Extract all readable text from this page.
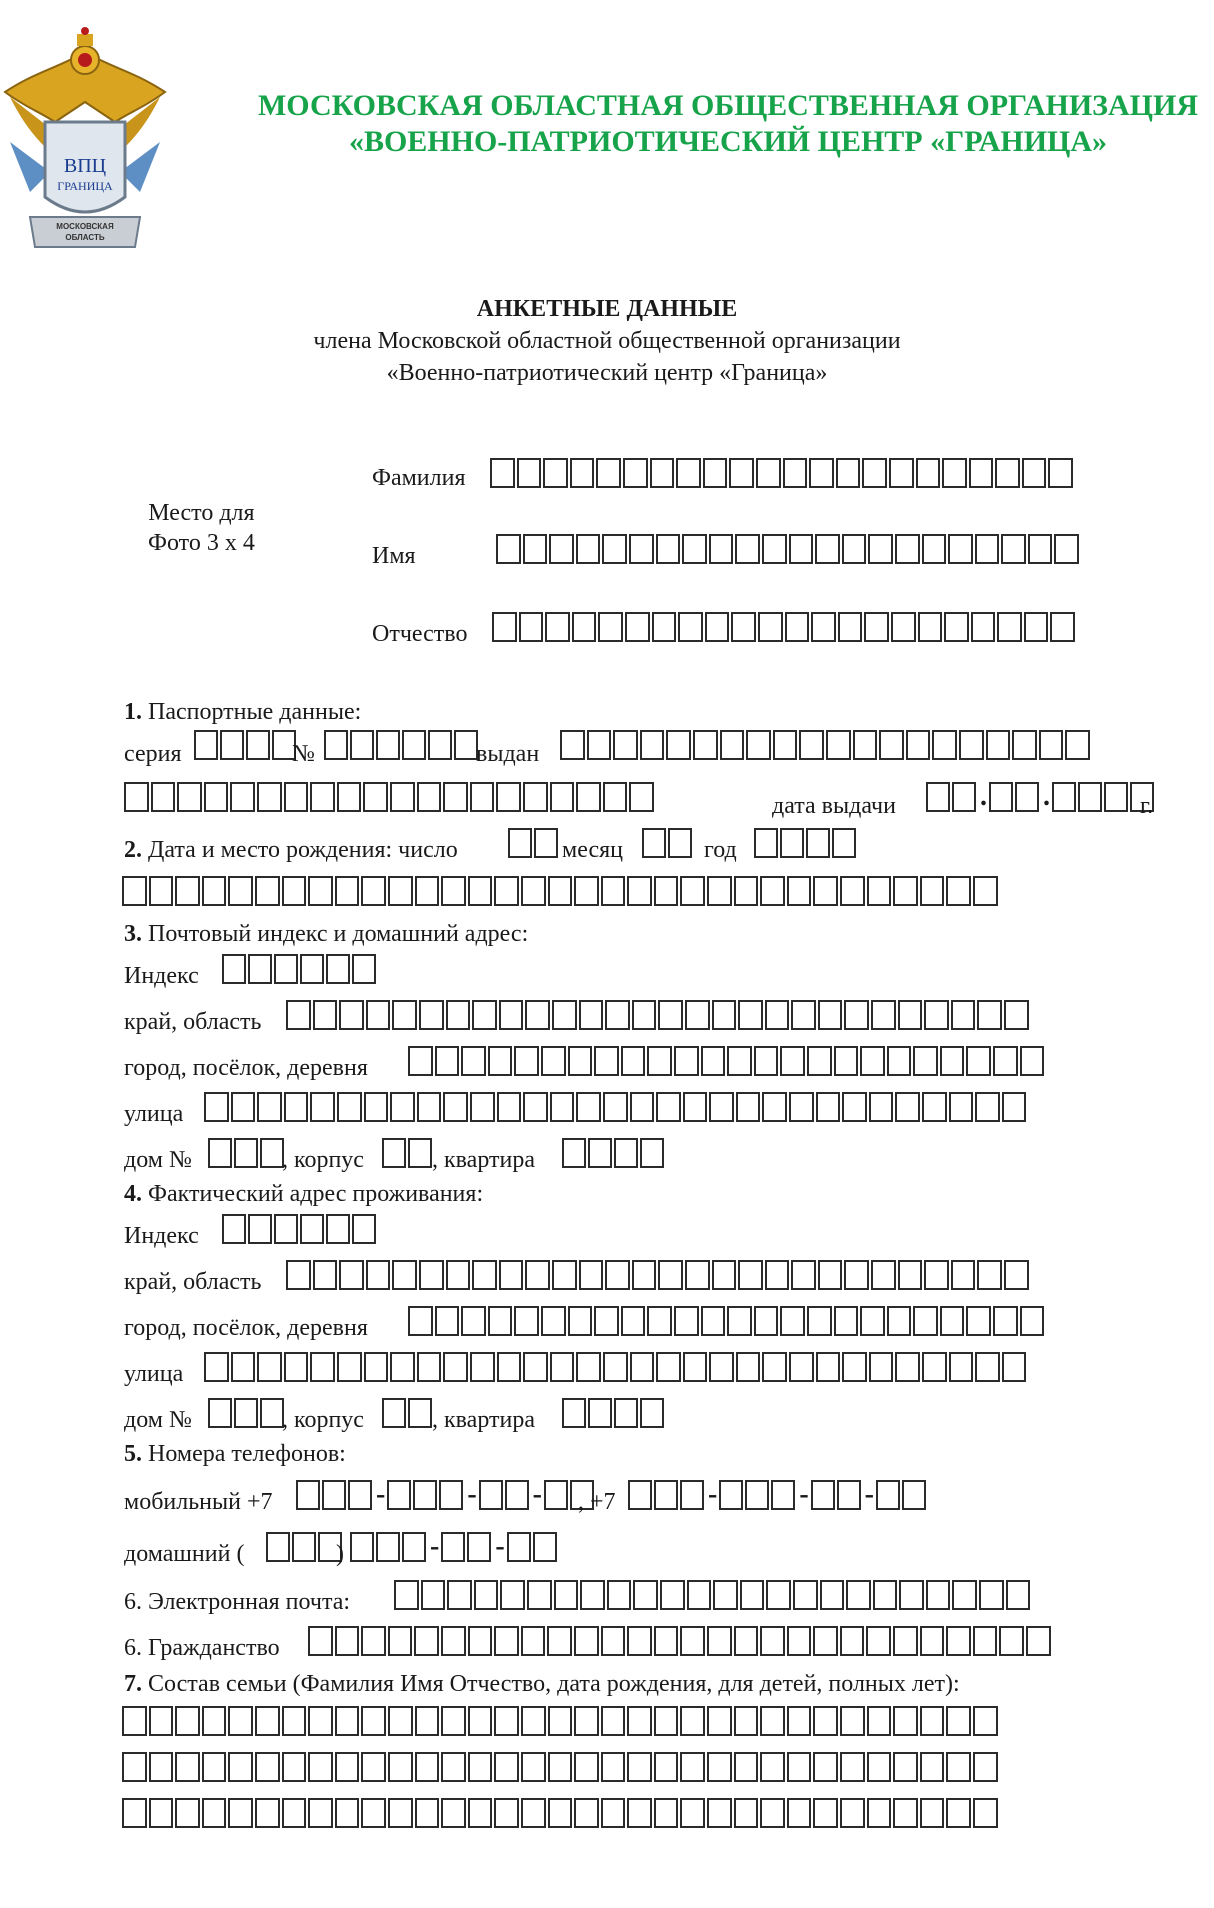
ВПЦ
ГРАНИЦА
МОСКОВСКАЯ
ОБЛАСТЬ
МОСКОВСКАЯ ОБЛАСТНАЯ ОБЩЕСТВЕННАЯ ОРГАНИЗАЦИЯ
«ВОЕННО-ПАТРИОТИЧЕСКИЙ ЦЕНТР «ГРАНИЦА»
АНКЕТНЫЕ ДАННЫЕ
члена Московской областной общественной организации
«Военно-патриотический центр «Граница»
Место для
Фото 3 х 4
Фамилия
Имя
Отчество
1. Паспортные данные:
серия	№	выдан
дата выдачи	. .	г.
2. Дата и место рождения: число	месяц	год
3. Почтовый индекс и домашний адрес:
Индекс
край, область
город, посёлок, деревня
улица
дом №	, корпус	, квартира
4. Фактический адрес проживания:
Индекс
край, область
город, посёлок, деревня
улица
дом №	, корпус	, квартира
5. Номера телефонов:
мобильный +7	-	- - , +7	-	- -
домашний (	)	- -
6. Электронная почта:
6. Гражданство
7. Состав семьи (Фамилия Имя Отчество, дата рождения, для детей, полных лет):
